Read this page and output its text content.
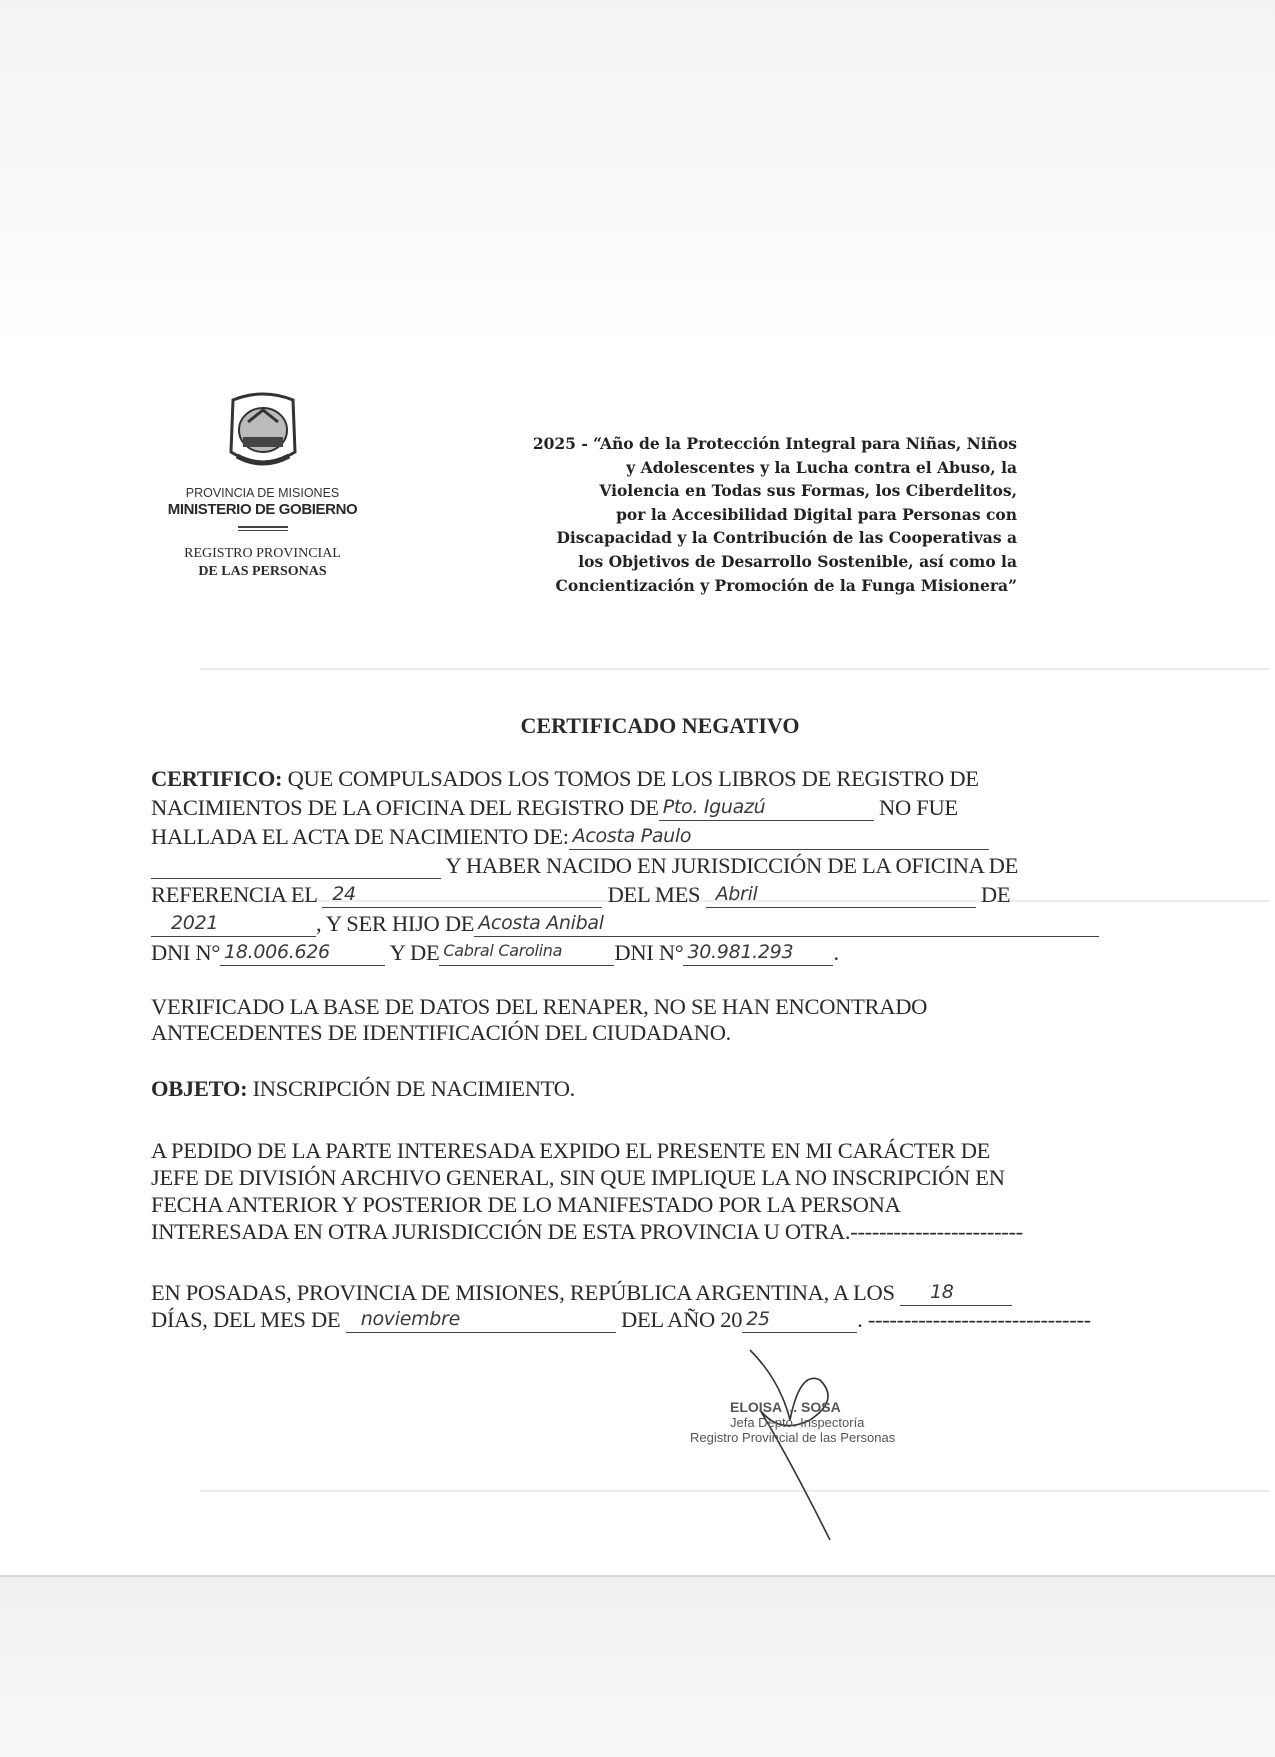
PROVINCIA DE MISIONES
MINISTERIO DE GOBIERNO
REGISTRO PROVINCIAL
DE LAS PERSONAS
2025 - “Año de la Protección Integral para Niñas, Niños
y Adolescentes y la Lucha contra el Abuso, la
Violencia en Todas sus Formas, los Ciberdelitos,
por la Accesibilidad Digital para Personas con
Discapacidad y la Contribución de las Cooperativas a
los Objetivos de Desarrollo Sostenible, así como la
Concientización y Promoción de la Funga Misionera”
CERTIFICADO NEGATIVO
CERTIFICO: QUE COMPULSADOS LOS TOMOS DE LOS LIBROS DE REGISTRO DE
NACIMIENTOS DE LA OFICINA DEL REGISTRO DE Pto. Iguazú	NO FUE
HALLADA EL ACTA DE NACIMIENTO DE: Acosta Paulo
Y HABER NACIDO EN JURISDICCIÓN DE LA OFICINA DE
REFERENCIA EL 24	DEL MES Abril	DE
2021	, Y SER HIJO DE Acosta Anibal
DNI N° 18.006.626	Y DE Cabral Carolina DNI N° 30.981.293 .
VERIFICADO LA BASE DE DATOS DEL RENAPER, NO SE HAN ENCONTRADO
ANTECEDENTES DE IDENTIFICACIÓN DEL CIUDADANO.
OBJETO: INSCRIPCIÓN DE NACIMIENTO.
A PEDIDO DE LA PARTE INTERESADA EXPIDO EL PRESENTE EN MI CARÁCTER DE
JEFE DE DIVISIÓN ARCHIVO GENERAL, SIN QUE IMPLIQUE LA NO INSCRIPCIÓN EN
FECHA ANTERIOR Y POSTERIOR DE LO MANIFESTADO POR LA PERSONA
INTERESADA EN OTRA JURISDICCIÓN DE ESTA PROVINCIA U OTRA.------------------------
EN POSADAS, PROVINCIA DE MISIONES, REPÚBLICA ARGENTINA, A LOS 18
DÍAS, DEL MES DE noviembre	DEL AÑO 20 25	. -------------------------------
ELOISA ... SOSA
Jefa Depto. Inspectoría
Registro Provincial de las Personas
